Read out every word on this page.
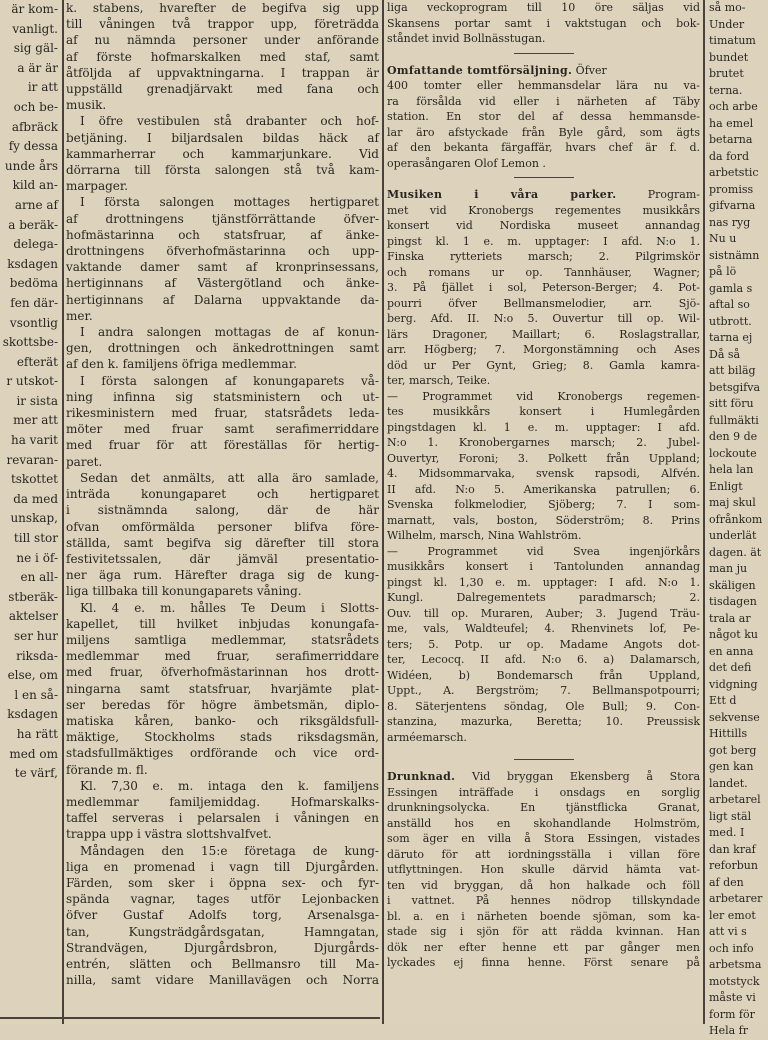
är kom-
vanligt.
sig gäl-
a är är
ir att
och be-
afbräck
fy dessa
unde års
kild an-
arne af
a beräk-
delega-
ksdagen
bedöma
fen där-
vsontlig
skottsbe-
efterät
r utskot-
ir sista
mer att
ha varit
revaran-
tskottet
da med
unskap,
till stor
ne i öf-
en all-
stberäk-
aktelser
ser hur
riksda-
else, om
l en så-
ksdagen
ha rätt
med om
te värf,
k. stabens, hvarefter de begifva sig upp
till våningen två trappor upp, företrädda
af nu nämnda personer under anförande
af förste hofmarskalken med staf, samt
åtföljda af uppvaktningarna. I trappan är
uppställd grenadjärvakt med fana och
musik.
I öfre vestibulen stå drabanter och hof-
betjäning. I biljardsalen bildas häck af
kammarherrar och kammarjunkare. Vid
dörrarna till första salongen stå två kam-
marpager.
I första salongen mottages hertigparet
af drottningens tjänstförrättande öfver-
hofmästarinna och statsfruar, af änke-
drottningens öfverhofmästarinna och upp-
vaktande damer samt af kronprinsessans,
hertiginnans af Västergötland och änke-
hertiginnans af Dalarna uppvaktande da-
mer.
I andra salongen mottagas de af konun-
gen, drottningen och änkedrottningen samt
af den k. familjens öfriga medlemmar.
I första salongen af konungaparets vå-
ning infinna sig statsministern och ut-
rikesministern med fruar, statsrådets leda-
möter med fruar samt serafimerriddare
med fruar för att föreställas för hertig-
paret.
Sedan det anmälts, att alla äro samlade,
inträda konungaparet och hertigparet
i sistnämnda salong, där de här
ofvan omförmälda personer blifva före-
ställda, samt begifva sig därefter till stora
festivitetssalen, där jämväl presentatio-
ner äga rum. Härefter draga sig de kung-
liga tillbaka till konungaparets våning.
Kl. 4 e. m. hålles Te Deum i Slotts-
kapellet, till hvilket inbjudas konungafa-
miljens samtliga medlemmar, statsrådets
medlemmar med fruar, serafimerriddare
med fruar, öfverhofmästarinnan hos drott-
ningarna samt statsfruar, hvarjämte plat-
ser beredas för högre ämbetsmän, diplo-
matiska kåren, banko- och riksgäldsfull-
mäktige, Stockholms stads riksdagsmän,
stadsfullmäktiges ordförande och vice ord-
förande m. fl.
Kl. 7,30 e. m. intaga den k. familjens
medlemmar familjemiddag. Hofmarskalks-
taffel serveras i pelarsalen i våningen en
trappa upp i västra slottshvalfvet.
Måndagen den 15:e företaga de kung-
liga en promenad i vagn till Djurgården.
Färden, som sker i öppna sex- och fyr-
spända vagnar, tages utför Lejonbacken
öfver Gustaf Adolfs torg, Arsenalsga-
tan, Kungsträdgårdsgatan, Hamngatan,
Strandvägen, Djurgårdsbron, Djurgårds-
entrén, slätten och Bellmansro till Ma-
nilla, samt vidare Manillavägen och Norra
liga veckoprogram till 10 öre säljas vid
Skansens portar samt i vaktstugan och bok-
ståndet invid Bollnässtugan.
Omfattande tomtförsäljning. Öfver
400 tomter eller hemmansdelar lära nu va-
ra försålda vid eller i närheten af Täby
station. En stor del af dessa hemmansde-
lar äro afstyckade från Byle gård, som ägts
af den bekanta färgaffär, hvars chef är f. d.
operasångaren Olof Lemon .
Musiken i våra parker.	Program-
met vid Kronobergs regementes musikkårs
konsert vid Nordiska museet annandag
pingst kl. 1 e. m. upptager: I afd. N:o 1.
Finska rytteriets marsch; 2. Pilgrimskör
och romans ur op. Tannhäuser, Wagner;
3. På fjället i sol, Peterson-Berger; 4. Pot-
pourri öfver Bellmansmelodier, arr. Sjö-
berg. Afd. II. N:o 5. Ouvertur till op. Wil-
lärs Dragoner, Maillart; 6. Roslagstrallar,
arr. Högberg; 7. Morgonstämning och Ases
död ur Per Gynt, Grieg; 8. Gamla kamra-
ter, marsch, Teike.
— Programmet vid Kronobergs regemen-
tes musikkårs konsert i Humlegården
pingstdagen kl. 1 e. m. upptager: I afd.
N:o 1. Kronobergarnes marsch; 2. Jubel-
Ouvertyr, Foroni; 3. Polkett från Uppland;
4. Midsommarvaka, svensk rapsodi, Alfvén.
II afd. N:o 5. Amerikanska patrullen; 6.
Svenska folkmelodier, Sjöberg; 7. I som-
marnatt, vals, boston, Söderström; 8. Prins
Wilhelm, marsch, Nina Wahlström.
— Programmet vid Svea ingenjörkårs
musikkårs konsert i Tantolunden annandag
pingst kl. 1,30 e. m. upptager: I afd. N:o 1.
Kungl. Dalregementets paradmarsch; 2.
Ouv. till op. Muraren, Auber; 3. Jugend Träu-
me, vals, Waldteufel; 4. Rhenvinets lof, Pe-
ters; 5. Potp. ur op. Madame Angots dot-
ter, Lecocq. II afd. N:o 6. a) Dalamarsch,
Widéen, b) Bondemarsch från Uppland,
Uppt., A. Bergström; 7. Bellmanspotpourri;
8. Säterjentens söndag, Ole Bull; 9. Con-
stanzina, mazurka, Beretta; 10. Preussisk
arméemarsch.
Drunknad. Vid bryggan Ekensberg å Stora
Essingen inträffade i onsdags en sorglig
drunkningsolycka. En tjänstflicka Granat,
anställd hos en skohandlande Holmström,
som äger en villa å Stora Essingen, vistades
däruto för att iordningsställa i villan före
utflyttningen. Hon skulle därvid hämta vat-
ten vid bryggan, då hon halkade och föll
i vattnet. På hennes nödrop tillskyndade
bl. a. en i närheten boende sjöman, som ka-
stade sig i sjön för att rädda kvinnan. Han
dök ner efter henne ett par gånger men
lyckades ej finna henne. Först senare på
så mo-
Under
timatum
bundet
brutet
terna.
och arbe
ha emel
betarna
da ford
arbetstic
promiss
gifvarna
nas ryg
Nu u
sistnämn
på lö
gamla s
aftal so
utbrott.
tarna ej
Då så
att biläg
betsgifva
sitt föru
fullmäkti
den 9 de
lockoute
hela lan
Enligt
maj skul
ofrånkom
underlät
dagen. ät
man ju
skäligen
tisdagen
trala ar
något ku
en anna
det defi
vidgning
Ett d
sekvense
Hittills
got berg
gen kan
landet.
arbetarel
ligt stäl
med. I
dan kraf
reforbun
af den
arbetarer
ler emot
att vi s
och info
arbetsma
motstyck
måste vi
form för
Hela fr
